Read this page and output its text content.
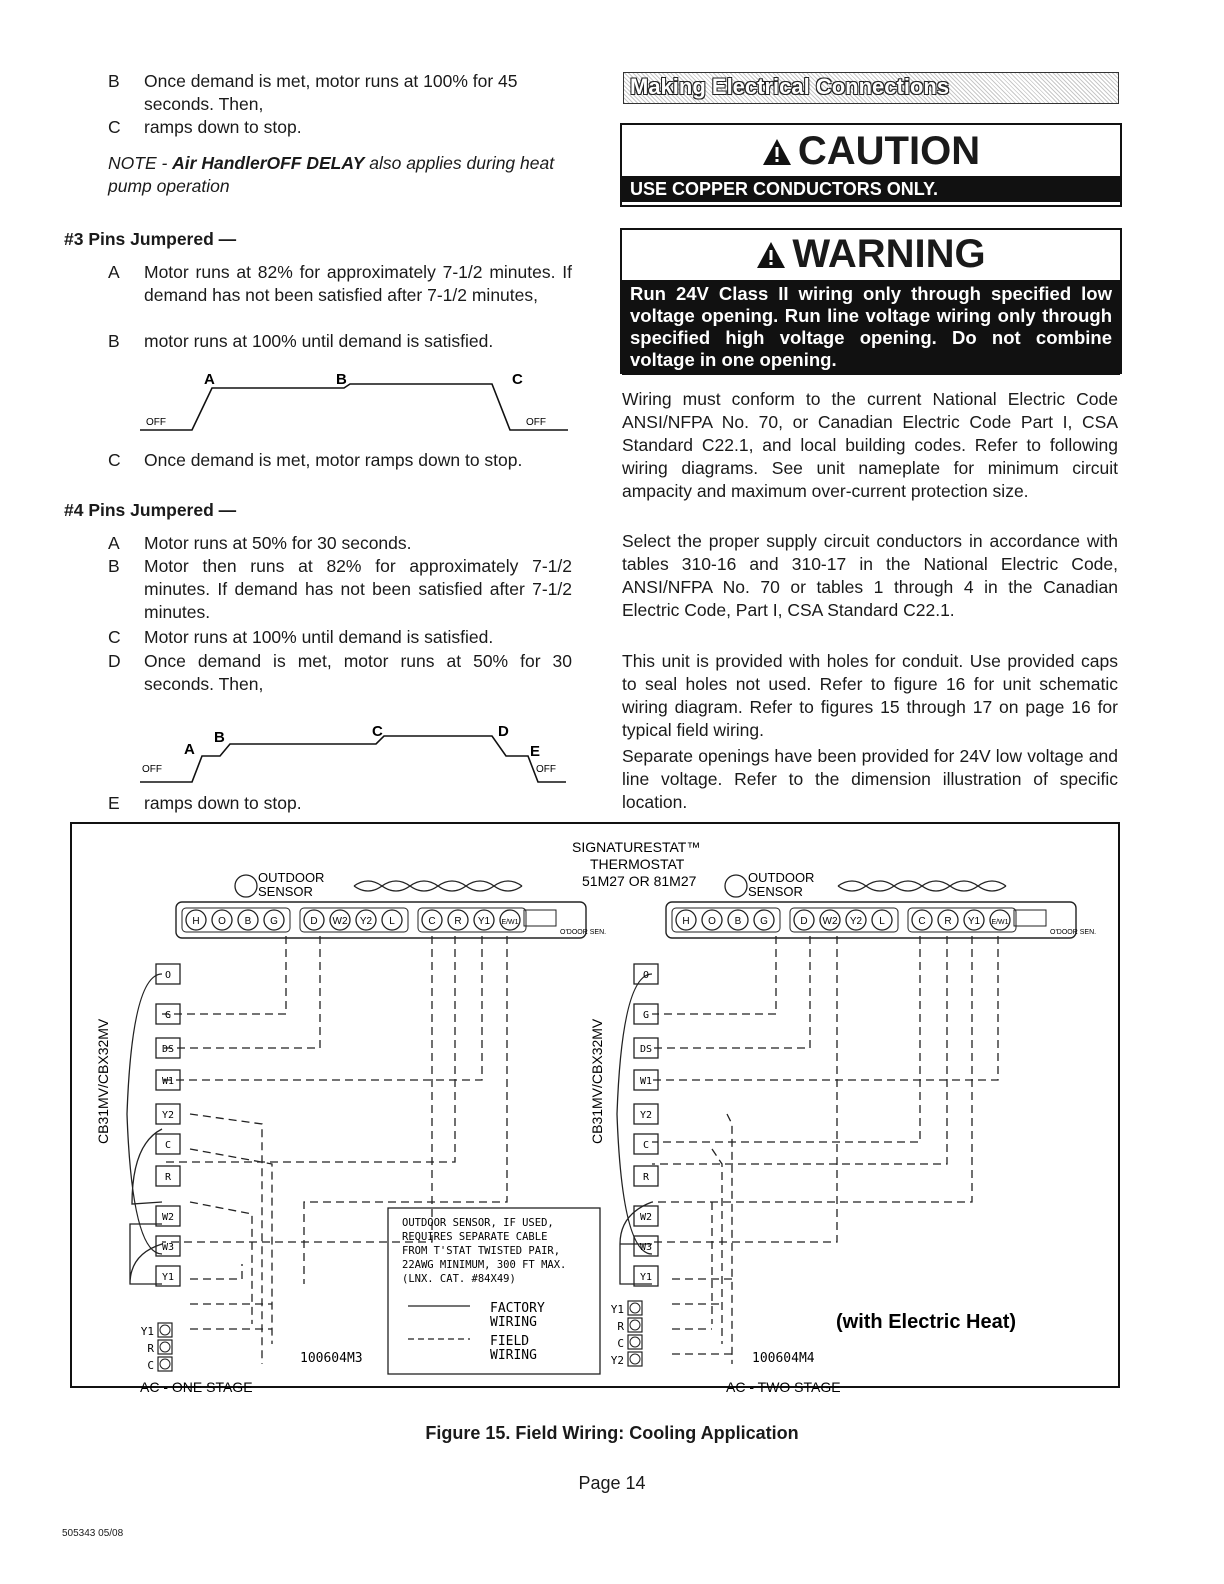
B	Once demand is met, motor runs at 100% for 45 seconds. Then,
C	ramps down to stop.
NOTE - Air HandlerOFF DELAY also applies during heat pump operation
#3 Pins Jumpered —
A	Motor runs at 82% for approximately 7-1/2 minutes. If demand has not been satisfied after 7-1/2 minutes,
B	motor runs at 100% until demand is satisfied.
A	B	C
OFF	OFF
C	Once demand is met, motor ramps down to stop.
#4 Pins Jumpered —
A	Motor runs at 50% for 30 seconds.
B	Motor then runs at 82% for approximately 7-1/2 minutes. If demand has not been satisfied after 7-1/2 minutes.
C	Motor runs at 100% until demand is satisfied.
D	Once demand is met, motor runs at 50% for 30 seconds. Then,
A
B	C	D
E
OFF	OFF
E	ramps down to stop.
Making Electrical Connections
CAUTION
USE COPPER CONDUCTORS ONLY.
WARNING
Run 24V Class II wiring only through specified low voltage opening. Run line voltage wiring only through specified high voltage opening. Do not combine voltage in one opening.
Wiring must conform to the current National Electric Code ANSI/NFPA No. 70, or Canadian Electric Code Part I, CSA Standard C22.1, and local building codes. Refer to following wiring diagrams. See unit nameplate for minimum circuit ampacity and maximum over-current protection size.
Select the proper supply circuit conductors in accordance with tables 310-16 and 310-17 in the National Electric Code, ANSI/NFPA No. 70 or tables 1 through 4 in the Canadian Electric Code, Part I, CSA Standard C22.1.
This unit is provided with holes for conduit. Use provided caps to seal holes not used. Refer to figure 16 for unit schematic wiring diagram. Refer to figures 15 through 17 on page 16 for typical field wiring.
Separate openings have been provided for 24V low voltage and line voltage. Refer to the dimension illustration of specific location.
SIGNATURESTAT™
THERMOSTAT
51M27 OR 81M27
OUTDOOR
SENSOR
OUTDOOR
SENSOR
H O B G	D W2 Y2 L	C R Y1 E/W1
O'DOOR SEN.
H O B G	D W2 Y2 L	C R Y1 E/W1
O'DOOR SEN.
O
G
DS
W1
Y2
C
R
W2
W3
Y1
O
G
DS
W1
Y2
C
R
W2
W3
Y1
Y1
R
C
Y1
R
C
Y2
CB31MV/CBX32MV	CB31MV/CBX32MV
OUTDOOR SENSOR, IF USED,
REQUIRES SEPARATE CABLE
FROM T'STAT TWISTED PAIR,
22AWG MINIMUM, 300 FT MAX.
(LNX. CAT. #84X49)
FACTORY
WIRING
FIELD
WIRING
100604M3	100604M4
AC - ONE STAGE	AC - TWO STAGE
(with Electric Heat)
Figure 15. Field Wiring: Cooling Application
Page 14
505343 05/08
